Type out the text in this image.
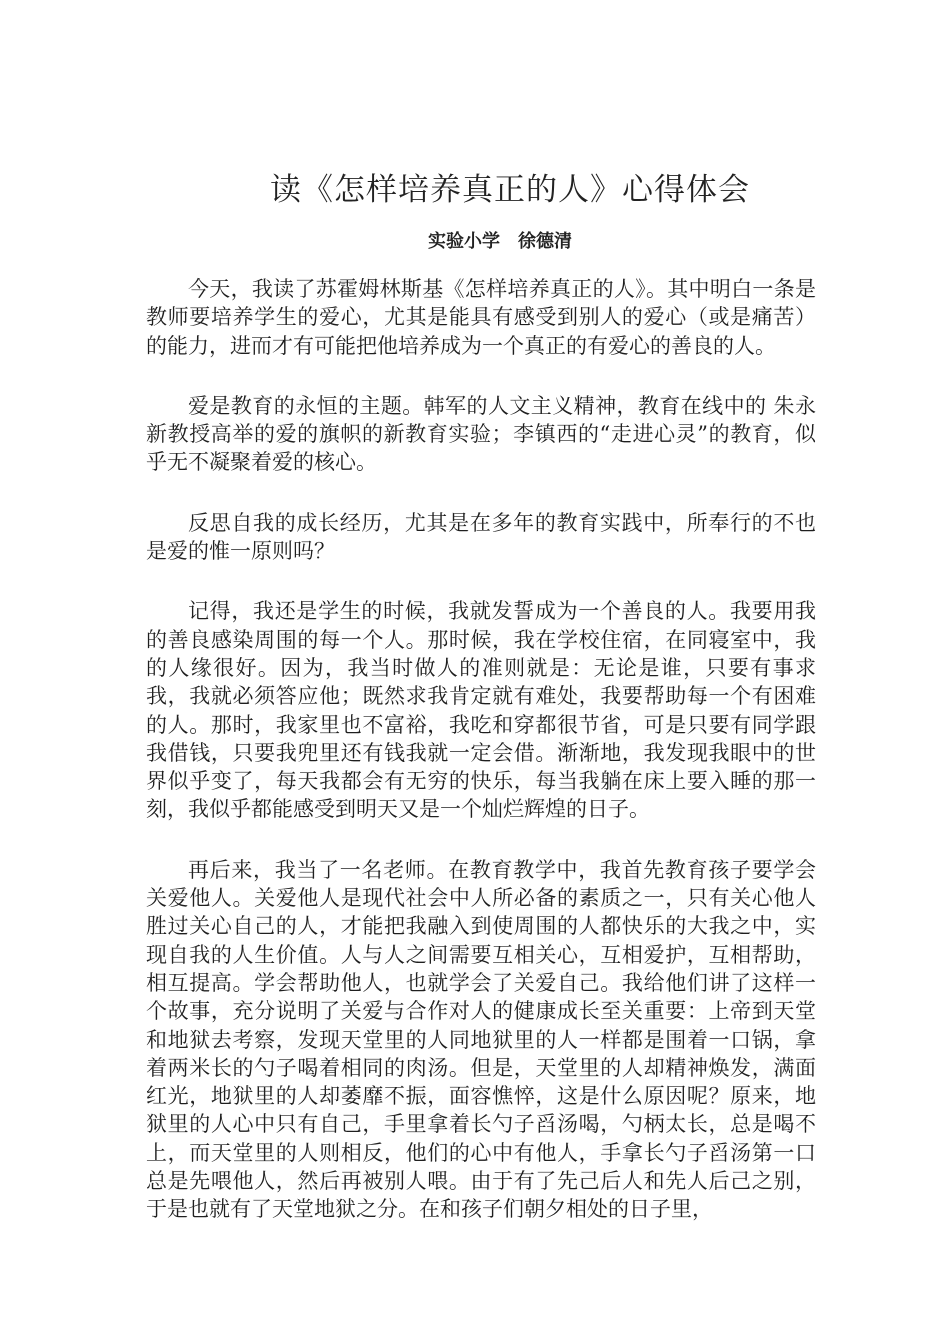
读《怎样培养真正的人》心得体会
实验小学 徐德清

今天，我读了苏霍姆林斯基《怎样培养真正的人》。其中明白一条是教师要培养学生的爱心，尤其是能具有感受到别人的爱心（或是痛苦）的能力，进而才有可能把他培养成为一个真正的有爱心的善良的人。

爱是教育的永恒的主题。韩军的人文主义精神，教育在线中的 朱永新教授高举的爱的旗帜的新教育实验；李镇西的“走进心灵”的教育，似乎无不凝聚着爱的核心。

反思自我的成长经历，尤其是在多年的教育实践中，所奉行的不也是爱的惟一原则吗？

记得，我还是学生的时候，我就发誓成为一个善良的人。我要用我的善良感染周围的每一个人。那时候，我在学校住宿，在同寝室中，我的人缘很好。因为，我当时做人的准则就是：无论是谁，只要有事求我，我就必须答应他；既然求我肯定就有难处，我要帮助每一个有困难的人。那时，我家里也不富裕，我吃和穿都很节省，可是只要有同学跟我借钱，只要我兜里还有钱我就一定会借。渐渐地，我发现我眼中的世界似乎变了，每天我都会有无穷的快乐，每当我躺在床上要入睡的那一刻，我似乎都能感受到明天又是一个灿烂辉煌的日子。

再后来，我当了一名老师。在教育教学中，我首先教育孩子要学会关爱他人。关爱他人是现代社会中人所必备的素质之一，只有关心他人胜过关心自己的人，才能把我融入到使周围的人都快乐的大我之中，实现自我的人生价值。人与人之间需要互相关心，互相爱护，互相帮助，相互提高。学会帮助他人，也就学会了关爱自己。我给他们讲了这样一个故事，充分说明了关爱与合作对人的健康成长至关重要：上帝到天堂和地狱去考察，发现天堂里的人同地狱里的人一样都是围着一口锅，拿着两米长的勺子喝着相同的肉汤。但是，天堂里的人却精神焕发，满面红光，地狱里的人却萎靡不振，面容憔悴，这是什么原因呢？原来，地狱里的人心中只有自己，手里拿着长勺子舀汤喝，勺柄太长，总是喝不上，而天堂里的人则相反，他们的心中有他人，手拿长勺子舀汤第一口总是先喂他人，然后再被别人喂。由于有了先己后人和先人后己之别，于是也就有了天堂地狱之分。在和孩子们朝夕相处的日子里，
